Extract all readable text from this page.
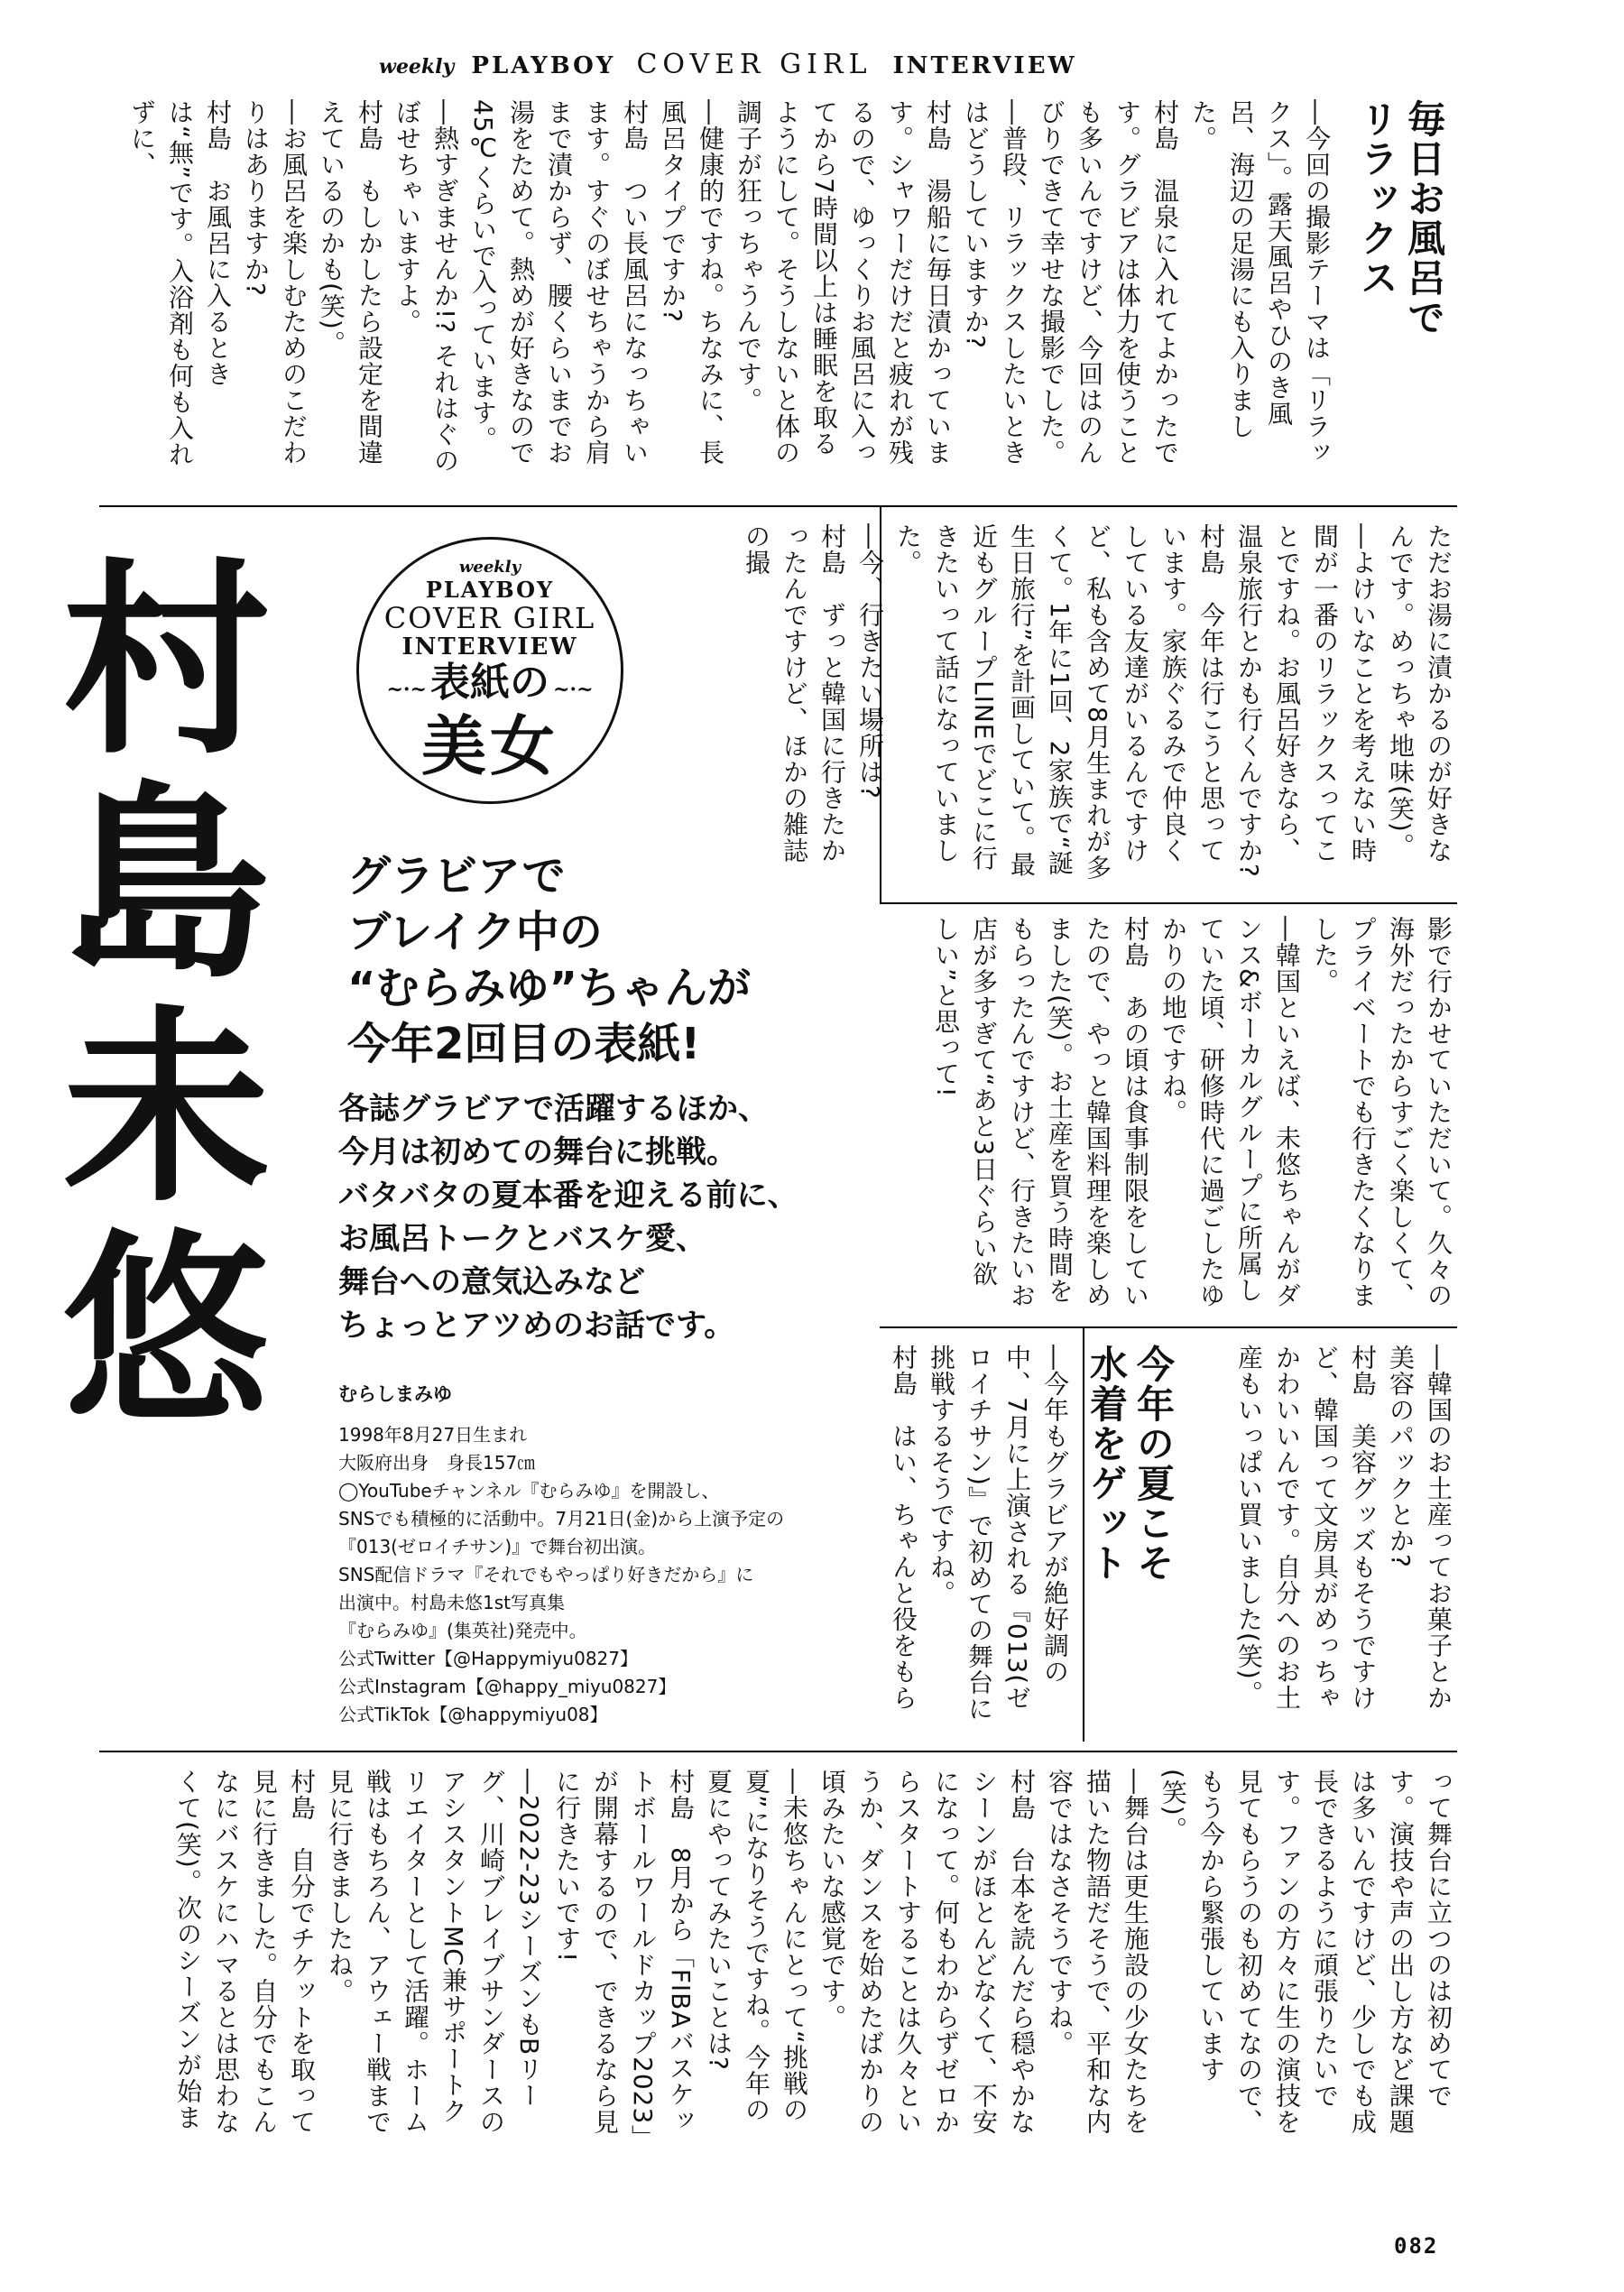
weekly PLAYBOY COVER GIRL INTERVIEW
毎日お風呂で
リラックス
―今回の撮影テーマは「リラックス」。露天風呂やひのき風呂、海辺の足湯にも入りました。
村島　温泉に入れてよかったです。グラビアは体力を使うことも多いんですけど、今回はのんびりできて幸せな撮影でした。
―普段、リラックスしたいときはどうしていますか?
村島　湯船に毎日漬かっています。シャワーだけだと疲れが残るので、ゆっくりお風呂に入ってから7時間以上は睡眠を取るようにして。そうしないと体の調子が狂っちゃうんです。
―健康的ですね。ちなみに、長風呂タイプですか?
村島　つい長風呂になっちゃいます。すぐのぼせちゃうから肩まで漬からず、腰くらいまでお湯をためて。熱めが好きなので45℃くらいで入っています。
―熱すぎませんか!? それはぐのぼせちゃいますよ。
村島　もしかしたら設定を間違えているのかも(笑)。
―お風呂を楽しむためのこだわりはありますか?
村島　お風呂に入るときは“無”です。入浴剤も何も入れずに、
ただお湯に漬かるのが好きなんです。めっちゃ地味(笑)。
―よけいなことを考えない時間が一番のリラックスってことですね。お風呂好きなら、温泉旅行とかも行くんですか?
村島　今年は行こうと思っています。家族ぐるみで仲良くしている友達がいるんですけど、私も含めて8月生まれが多くて。1年に1回、2家族で“誕生日旅行”を計画していて。最近もグループLINEでどこに行きたいって話になっていました。
―今、行きたい場所は?
村島　ずっと韓国に行きたかったんですけど、ほかの雑誌の撮
影で行かせていただいて。久々の海外だったからすごく楽しくて、プライベートでも行きたくなりました。
―韓国といえば、未悠ちゃんがダンス&ボーカルグループに所属していた頃、研修時代に過ごしたゆかりの地ですね。
村島　あの頃は食事制限をしていたので、やっと韓国料理を楽しめました(笑)。お土産を買う時間をもらったんですけど、行きたいお店が多すぎて“あと3日ぐらい欲しい”と思って!
―韓国のお土産ってお菓子とか美容のパックとか?
村島　美容グッズもそうですけど、韓国って文房具がめっちゃかわいいんです。自分へのお土産もいっぱい買いました(笑)。
今年の夏こそ
水着をゲット
―今年もグラビアが絶好調の中、7月に上演される『013(ゼロイチサン)』で初めての舞台に挑戦するそうですね。
村島　はい、ちゃんと役をもら
って舞台に立つのは初めてです。演技や声の出し方など課題は多いんですけど、少しでも成長できるように頑張りたいです。ファンの方々に生の演技を見てもらうのも初めてなので、もう今から緊張しています(笑)。
―舞台は更生施設の少女たちを描いた物語だそうで、平和な内容ではなさそうですね。
村島　台本を読んだら穏やかなシーンがほとんどなくて、不安になって。何もわからずゼロからスタートすることは久々というか、ダンスを始めたばかりの頃みたいな感覚です。
―未悠ちゃんにとって“挑戦の夏”になりそうですね。今年の夏にやってみたいことは?
村島　8月から「FIBAバスケットボールワールドカップ2023」が開幕するので、できるなら見に行きたいです!
―2022-23シーズンもBリーグ、川崎ブレイブサンダースのアシスタントMC兼サポートクリエイターとして活躍。ホーム戦はもちろん、アウェー戦まで見に行きましたね。
村島　自分でチケットを取って見に行きました。自分でもこんなにバスケにハマるとは思わなくて(笑)。次のシーズンが始ま
村島未悠	weekly
PLAYBOY
COVER GIRL
INTERVIEW
~·~表紙の ~·~
美女
グラビアで
ブレイク中の
“むらみゆ”ちゃんが
今年2回目の表紙!
各誌グラビアで活躍するほか、
今月は初めての舞台に挑戦。
バタバタの夏本番を迎える前に、
お風呂トークとバスケ愛、
舞台への意気込みなど
ちょっとアツめのお話です。
むらしまみゆ
1998年8月27日生まれ
大阪府出身　身長157㎝
◯YouTubeチャンネル『むらみゆ』を開設し、
SNSでも積極的に活動中。7月21日(金)から上演予定の
『013(ゼロイチサン)』で舞台初出演。
SNS配信ドラマ『それでもやっぱり好きだから』に
出演中。村島未悠1st写真集
『むらみゆ』(集英社)発売中。
公式Twitter【@Happymiyu0827】
公式Instagram【@happy_miyu0827】
公式TikTok【@happymiyu08】
082
